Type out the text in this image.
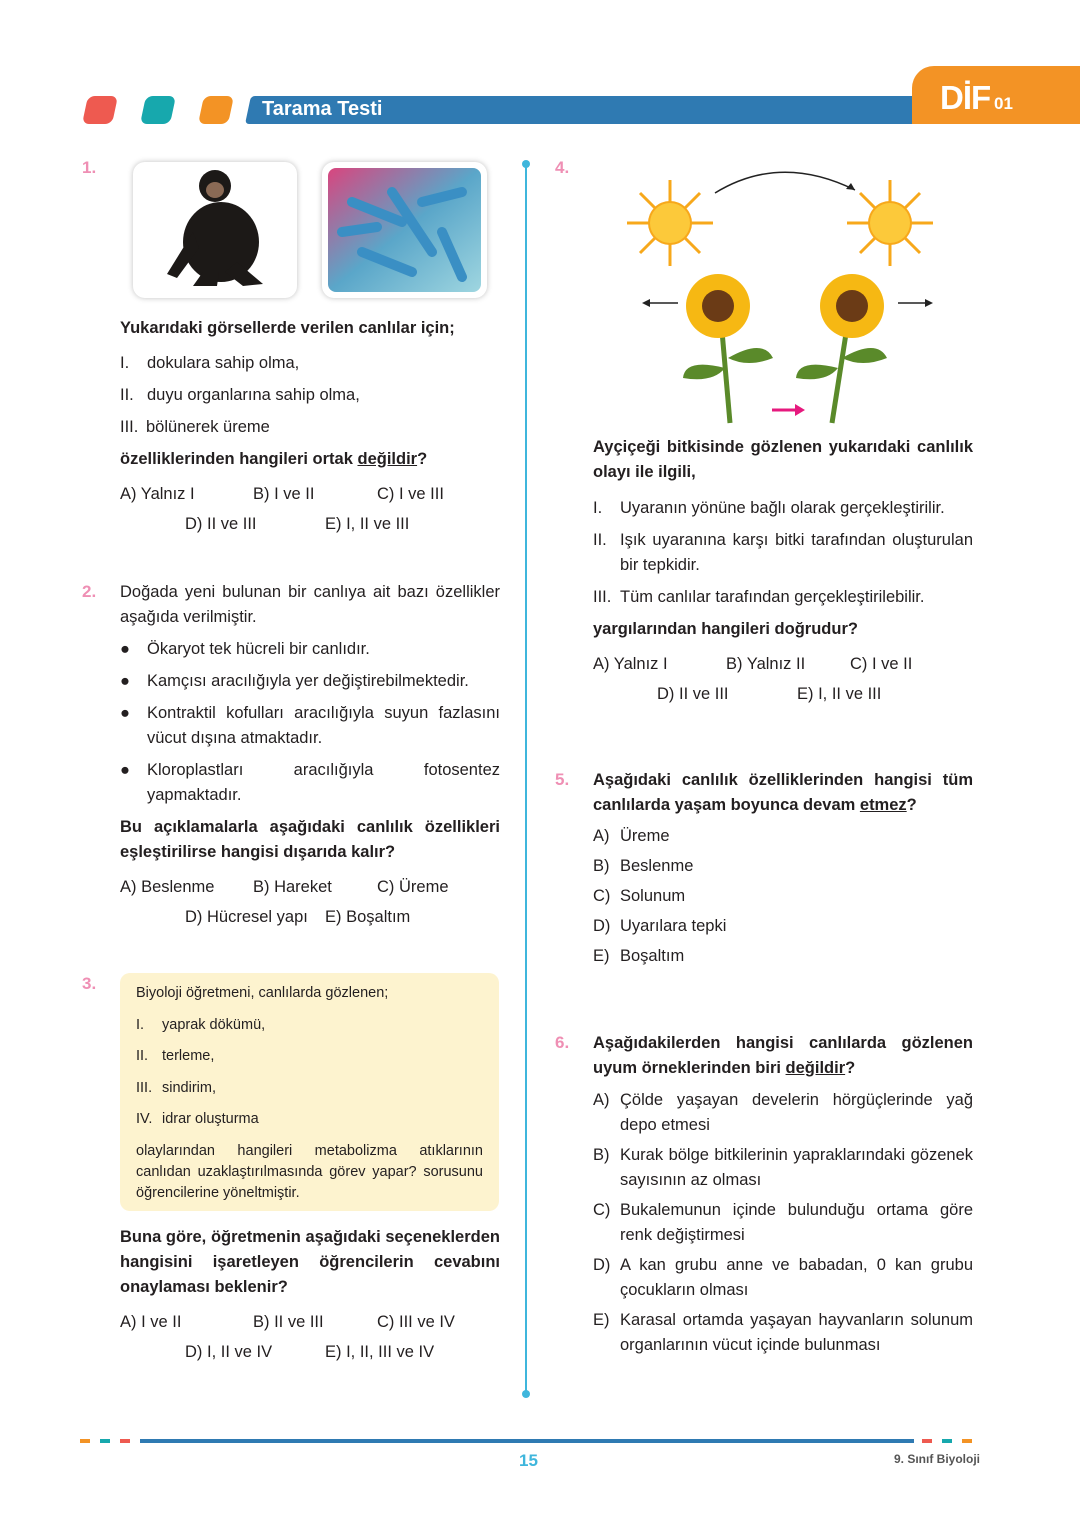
Tarama Testi	DİF 01
1.

Yukarıdaki görsellerde verilen canlılar için;

I.	dokulara sahip olma,
II. duyu organlarına sahip olma,
III. bölünerek üreme

özelliklerinden hangileri ortak değildir?

A) Yalnız I	B) I ve II	C) I ve III
D) II ve III	E) I, II ve III
2. Doğada yeni bulunan bir canlıya ait bazı özellikler aşağıda verilmiştir.

●	Ökaryot tek hücreli bir canlıdır.
●	Kamçısı aracılığıyla yer değiştirebilmektedir.
●	Kontraktil kofulları aracılığıyla suyun fazlasını vücut dışına atmaktadır.
●	Kloroplastları aracılığıyla fotosentez yapmaktadır.

Bu açıklamalarla aşağıdaki canlılık özellikleri eşleştirilirse hangisi dışarıda kalır?

A) Beslenme B) Hareket	C) Üreme
D) Hücresel yapı E) Boşaltım
3.	Biyoloji öğretmeni, canlılarda gözlenen;

I.	yaprak dökümü,
II. terleme,
III. sindirim,
IV. idrar oluşturma

olaylarından hangileri metabolizma atıklarının canlıdan uzaklaştırılmasında görev yapar? sorusunu öğrencilerine yöneltmiştir.

Buna göre, öğretmenin aşağıdaki seçeneklerden hangisini işaretleyen öğrencilerin cevabını onaylaması beklenir?

A) I ve II	B) II ve III	C) III ve IV
D) I, II ve IV	E) I, II, III ve IV
4.

Ayçiçeği bitkisinde gözlenen yukarıdaki canlılık olayı ile ilgili,

I.	Uyaranın yönüne bağlı olarak gerçekleştirilir.
II. Işık uyaranına karşı bitki tarafından oluşturulan bir tepkidir.
III. Tüm canlılar tarafından gerçekleştirilebilir.

yargılarından hangileri doğrudur?

A) Yalnız I	B) Yalnız II	C) I ve II
D) II ve III	E) I, II ve III
5. Aşağıdaki canlılık özelliklerinden hangisi tüm canlılarda yaşam boyunca devam etmez?

A) Üreme
B) Beslenme
C) Solunum
D) Uyarılara tepki
E) Boşaltım
6. Aşağıdakilerden hangisi canlılarda gözlenen uyum örneklerinden biri değildir?

A) Çölde yaşayan develerin hörgüçlerinde yağ depo etmesi
B) Kurak bölge bitkilerinin yapraklarındaki gözenek sayısının az olması
C) Bukalemunun içinde bulunduğu ortama göre renk değiştirmesi
D) A kan grubu anne ve babadan, 0 kan grubu çocukların olması
E) Karasal ortamda yaşayan hayvanların solunum organlarının vücut içinde bulunması
15	9. Sınıf Biyoloji
